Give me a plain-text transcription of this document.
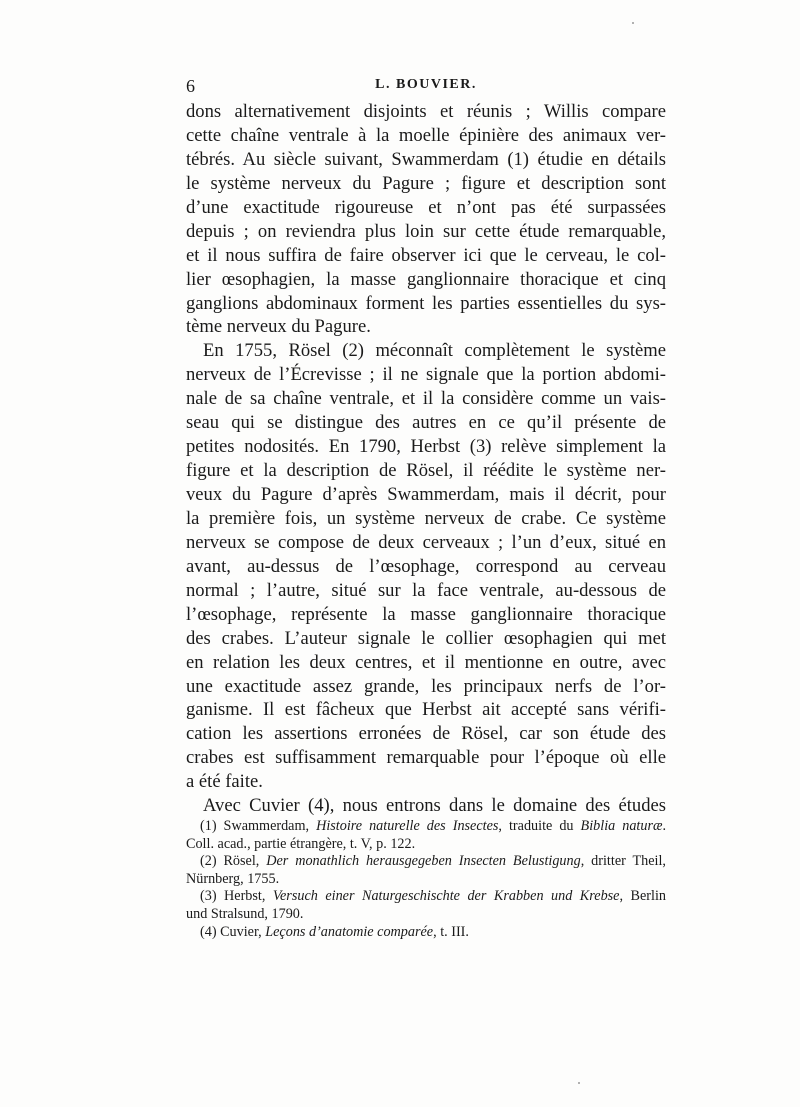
6	L. BOUVIER.
dons alternativement disjoints et réunis ; Willis compare
cette chaîne ventrale à la moelle épinière des animaux ver-
tébrés. Au siècle suivant, Swammerdam (1) étudie en détails
le système nerveux du Pagure ; figure et description sont
d’une exactitude rigoureuse et n’ont pas été surpassées
depuis ; on reviendra plus loin sur cette étude remarquable,
et il nous suffira de faire observer ici que le cerveau, le col-
lier œsophagien, la masse ganglionnaire thoracique et cinq
ganglions abdominaux forment les parties essentielles du sys-
tème nerveux du Pagure.
En 1755, Rösel (2) méconnaît complètement le système
nerveux de l’Écrevisse ; il ne signale que la portion abdomi-
nale de sa chaîne ventrale, et il la considère comme un vais-
seau qui se distingue des autres en ce qu’il présente de
petites nodosités. En 1790, Herbst (3) relève simplement la
figure et la description de Rösel, il réédite le système ner-
veux du Pagure d’après Swammerdam, mais il décrit, pour
la première fois, un système nerveux de crabe. Ce système
nerveux se compose de deux cerveaux ; l’un d’eux, situé en
avant, au-dessus de l’œsophage, correspond au cerveau
normal ; l’autre, situé sur la face ventrale, au-dessous de
l’œsophage, représente la masse ganglionnaire thoracique
des crabes. L’auteur signale le collier œsophagien qui met
en relation les deux centres, et il mentionne en outre, avec
une exactitude assez grande, les principaux nerfs de l’or-
ganisme. Il est fâcheux que Herbst ait accepté sans vérifi-
cation les assertions erronées de Rösel, car son étude des
crabes est suffisamment remarquable pour l’époque où elle
a été faite.
Avec Cuvier (4), nous entrons dans le domaine des études
(1) Swammerdam, Histoire naturelle des Insectes, traduite du Biblia naturæ.
Coll. acad., partie étrangère, t. V, p. 122.
(2) Rösel, Der monathlich herausgegeben Insecten Belustigung, dritter Theil,
Nürnberg, 1755.
(3) Herbst, Versuch einer Naturgeschischte der Krabben und Krebse, Berlin
und Stralsund, 1790.
(4) Cuvier, Leçons d’anatomie comparée, t. III.
